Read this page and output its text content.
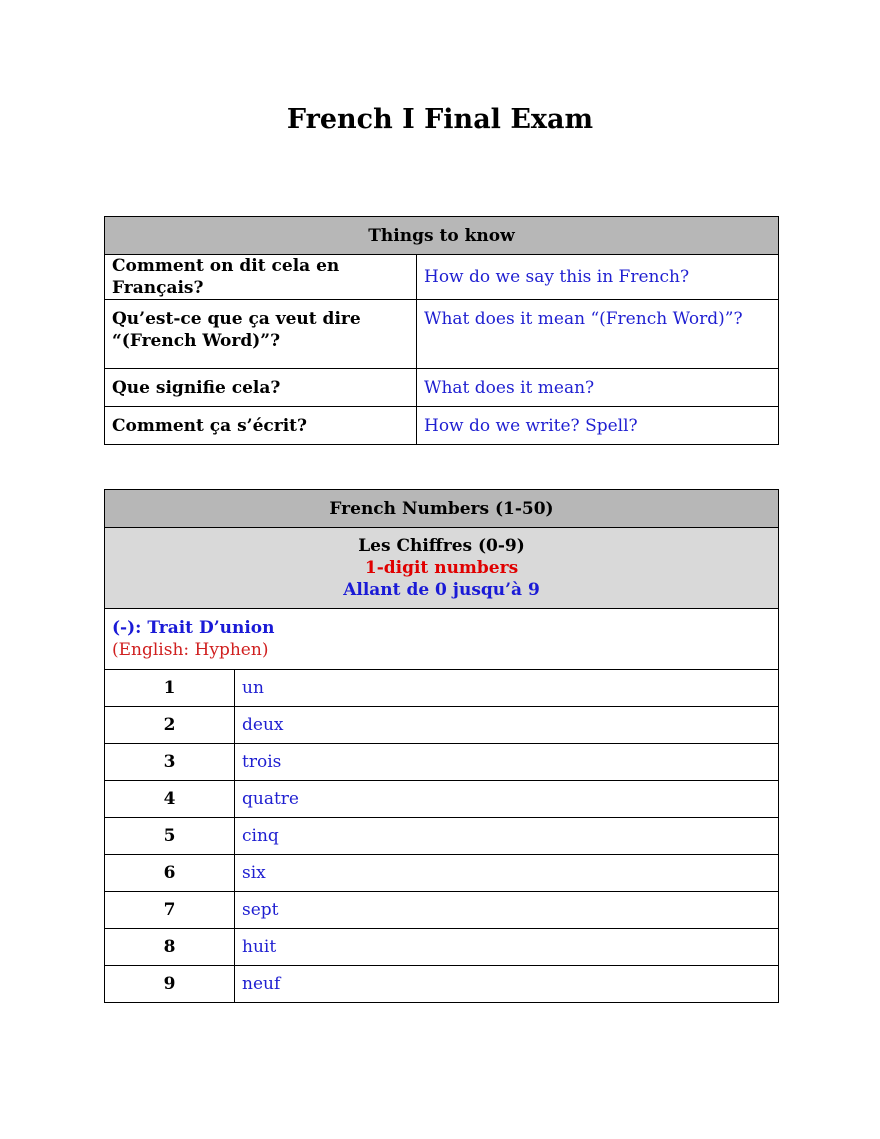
French I Final Exam
Things to know	
Comment on dit cela en Français?	How do we say this in French?

Qu’est-ce que ça veut dire
“(French Word)”?	What does it mean “(French Word)”?
Que signifie cela?	What does it mean?
Comment ça s’écrit?	How do we write? Spell?
French Numbers (1-50)	

Les Chiffres (0-9)
1-digit numbers
Allant de 0 jusqu’à 9	

(-): Trait D’union
(English: Hyphen)	

1	un
2	deux
3	trois
4	quatre
5	cinq
6	six
7	sept
8	huit
9	neuf
